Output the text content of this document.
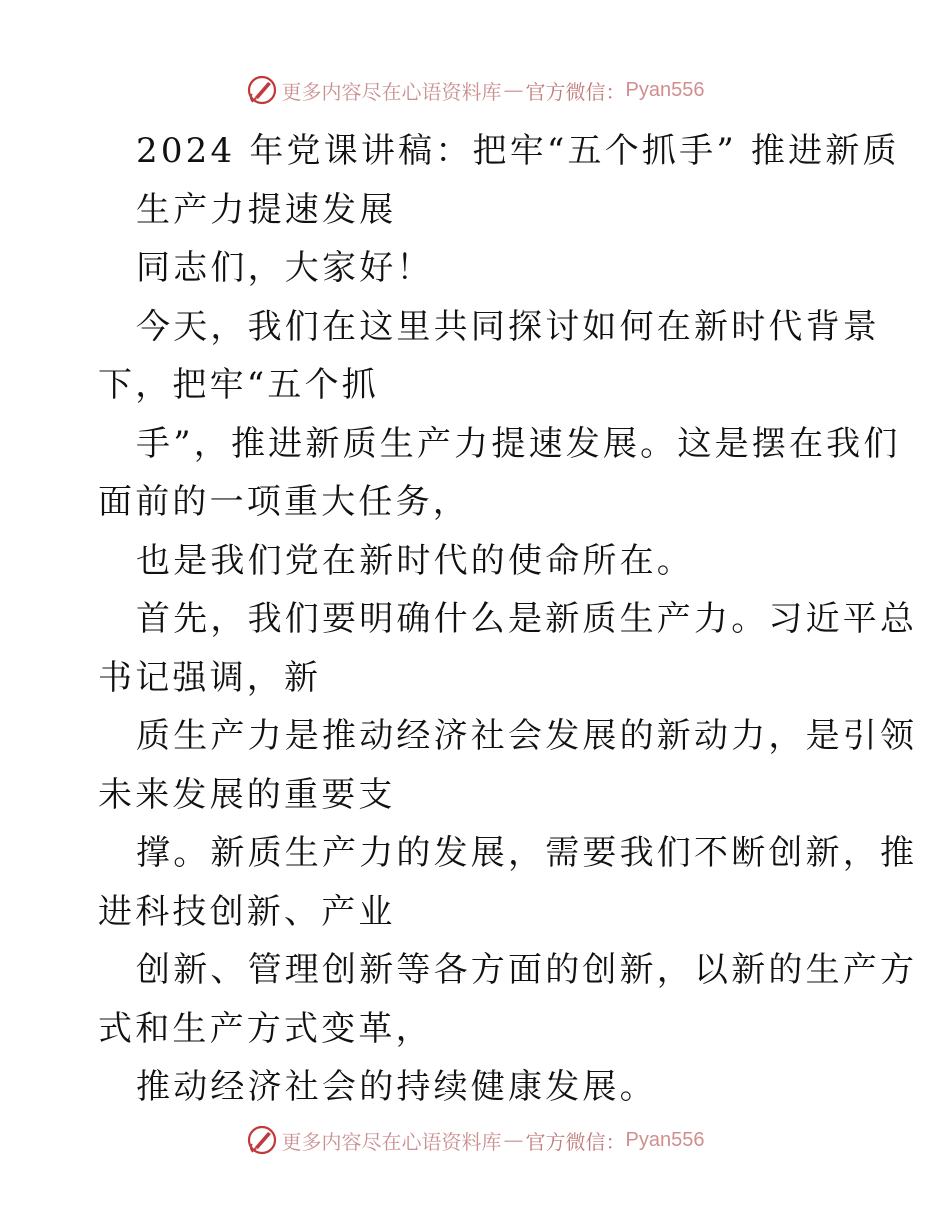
更多内容尽在心语资料库 — 官方微信： Pyan556
2024 年党课讲稿：把牢“五个抓手” 推进新质
生产力提速发展
同志们，大家好！
今天，我们在这里共同探讨如何在新时代背景
下，把牢“五个抓
手”，推进新质生产力提速发展。这是摆在我们
面前的一项重大任务，
也是我们党在新时代的使命所在。
首先，我们要明确什么是新质生产力。习近平总
书记强调，新
质生产力是推动经济社会发展的新动力，是引领
未来发展的重要支
撑。新质生产力的发展，需要我们不断创新，推
进科技创新、产业
创新、管理创新等各方面的创新，以新的生产方
式和生产方式变革，
推动经济社会的持续健康发展。
更多内容尽在心语资料库 — 官方微信： Pyan556
